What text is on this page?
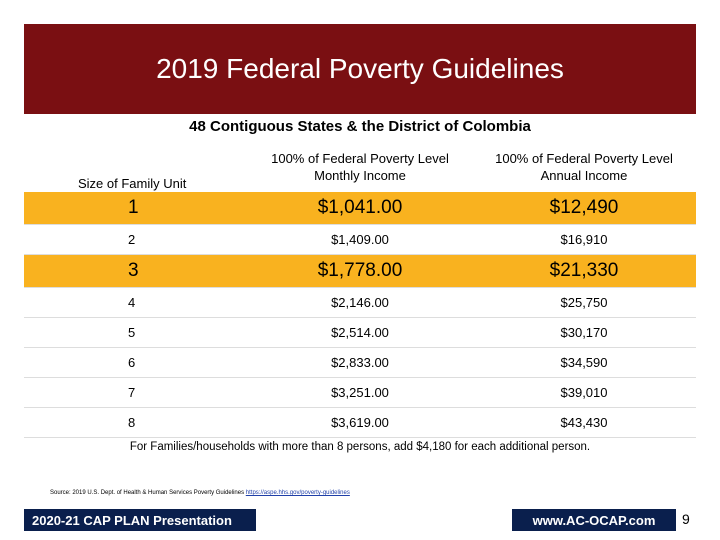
2019 Federal Poverty Guidelines
48 Contiguous States & the District of Colombia
Size of Family Unit	100% of Federal Poverty Level Monthly Income	100% of Federal Poverty Level Annual Income
1	$1,041.00	$12,490
2	$1,409.00	$16,910
3	$1,778.00	$21,330
4	$2,146.00	$25,750
5	$2,514.00	$30,170
6	$2,833.00	$34,590
7	$3,251.00	$39,010
8	$3,619.00	$43,430
For Families/households with more than 8 persons, add $4,180 for each additional person.
Source: 2019 U.S. Dept. of Health & Human Services Poverty Guidelines https://aspe.hhs.gov/poverty-guidelines
2020-21 CAP PLAN Presentation	www.AC-OCAP.com	9
